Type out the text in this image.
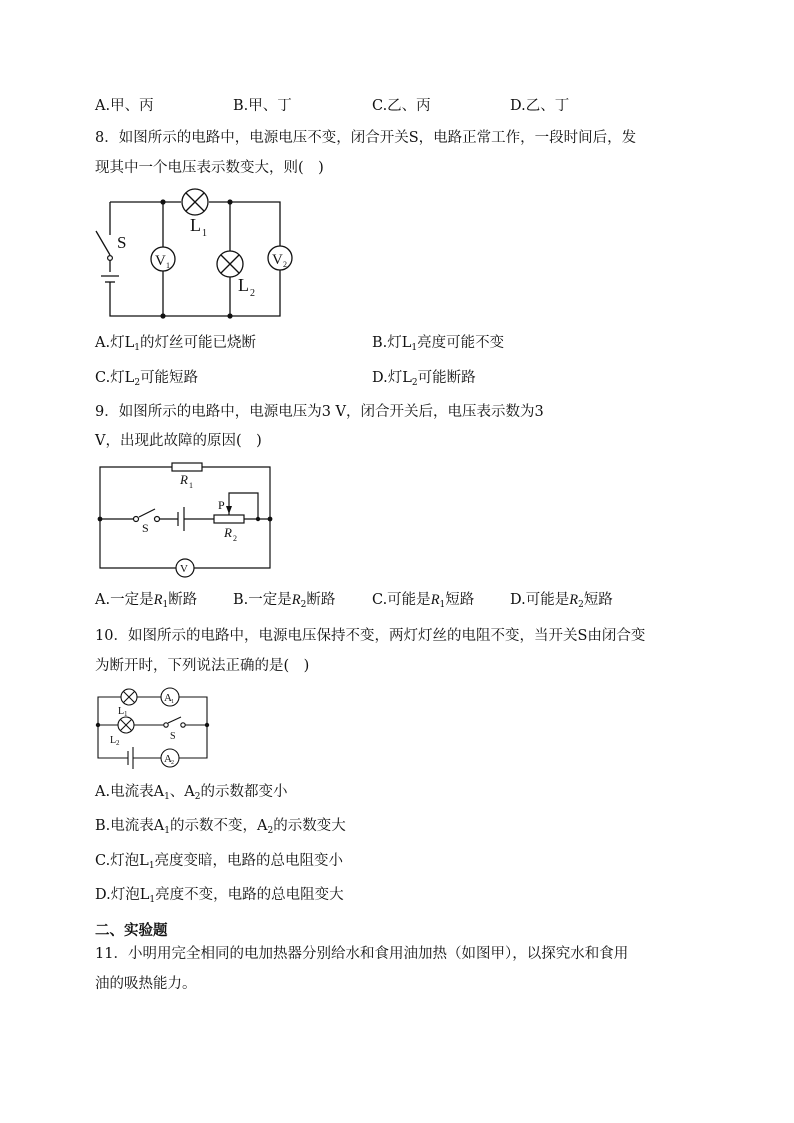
A.甲、丙	B.甲、丁	C.乙、丙	D.乙、丁
8．如图所示的电路中，电源电压不变，闭合开关S，电路正常工作，一段时间后，发
现其中一个电压表示数变大，则(　)
S
L 1
L 2
V 1	V 2
A.灯$L_1$的灯丝可能已烧断	B.灯$L_1$亮度可能不变
C.灯$L_2$可能短路	D.灯$L_2$可能断路
9．如图所示的电路中，电源电压为3 V，闭合开关后，电压表示数为3
V，出现此故障的原因(　)
R 1
P
R 2
S
V
A.一定是$R_1$断路 B.一定是$R_2$断路	C.可能是$R_1$短路 D.可能是$R_2$短路
10．如图所示的电路中，电源电压保持不变，两灯灯丝的电阻不变，当开关S由闭合变
为断开时，下列说法正确的是(　)
L 1
L 2
A 1
A 2
S
A.电流表$A_1$、$A_2$的示数都变小
B.电流表$A_1$的示数不变，$A_2$的示数变大
C.灯泡$L_1$亮度变暗，电路的总电阻变小
D.灯泡$L_1$亮度不变，电路的总电阻变大
二、实验题
11．小明用完全相同的电加热器分别给水和食用油加热（如图甲），以探究水和食用
油的吸热能力。
